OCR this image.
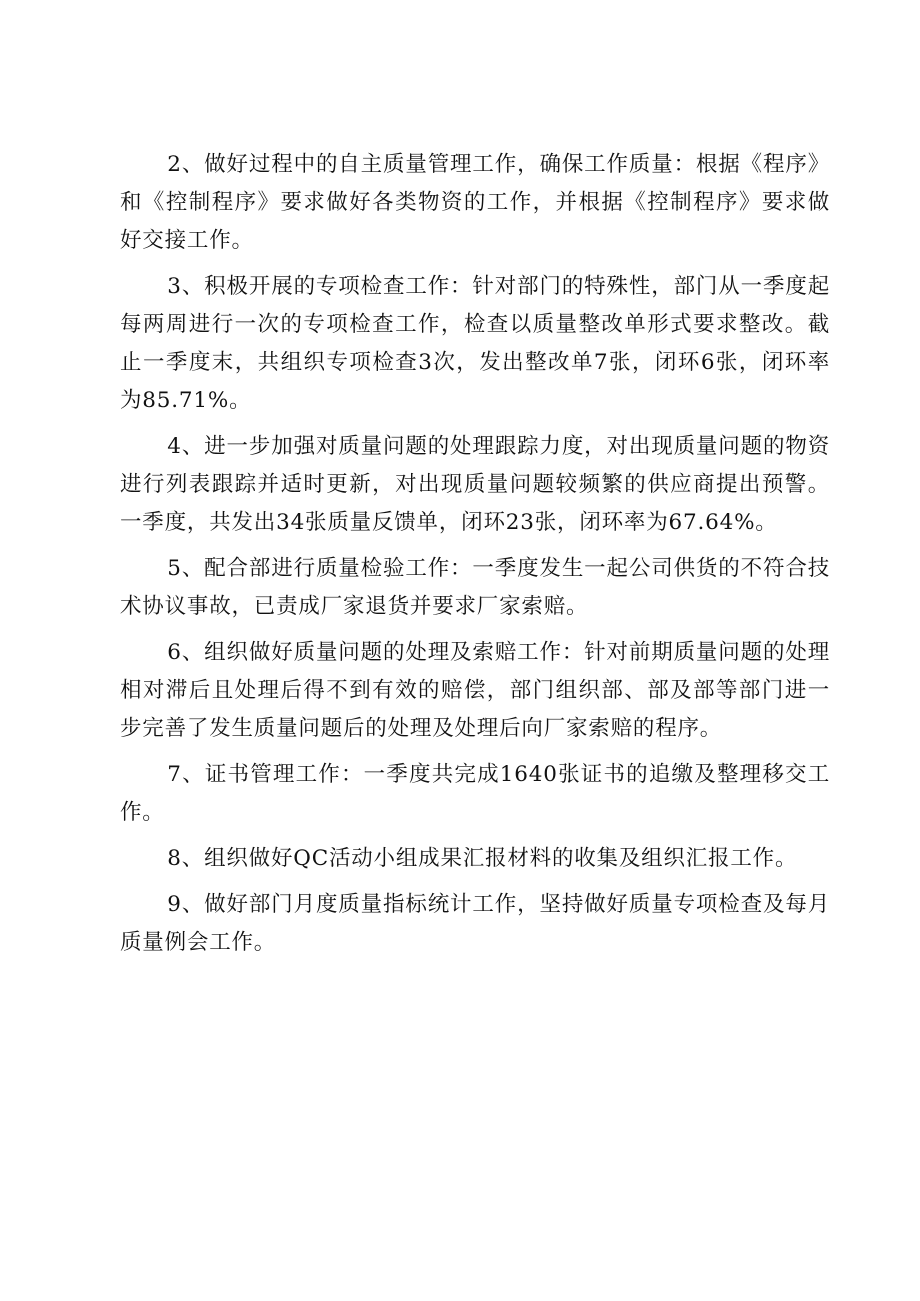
2、做好过程中的自主质量管理工作，确保工作质量：根据《程序》和《控制程序》要求做好各类物资的工作，并根据《控制程序》要求做好交接工作。

3、积极开展的专项检查工作：针对部门的特殊性，部门从一季度起每两周进行一次的专项检查工作，检查以质量整改单形式要求整改。截止一季度末，共组织专项检查3次，发出整改单7张，闭环6张，闭环率为85.71%。

4、进一步加强对质量问题的处理跟踪力度，对出现质量问题的物资进行列表跟踪并适时更新，对出现质量问题较频繁的供应商提出预警。一季度，共发出34张质量反馈单，闭环23张，闭环率为67.64%。

5、配合部进行质量检验工作：一季度发生一起公司供货的不符合技术协议事故，已责成厂家退货并要求厂家索赔。

6、组织做好质量问题的处理及索赔工作：针对前期质量问题的处理相对滞后且处理后得不到有效的赔偿，部门组织部、部及部等部门进一步完善了发生质量问题后的处理及处理后向厂家索赔的程序。

7、证书管理工作：一季度共完成1640张证书的追缴及整理移交工作。

8、组织做好QC活动小组成果汇报材料的收集及组织汇报工作。

9、做好部门月度质量指标统计工作，坚持做好质量专项检查及每月质量例会工作。
